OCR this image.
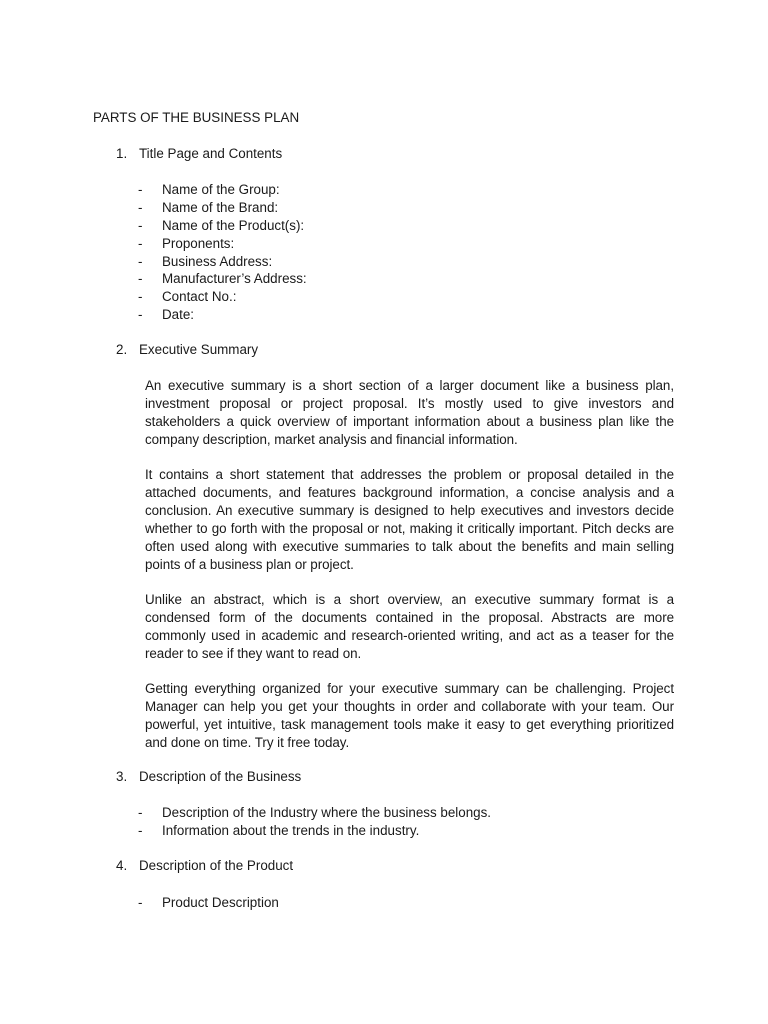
PARTS OF THE BUSINESS PLAN
1. Title Page and Contents
- Name of the Group:
- Name of the Brand:
- Name of the Product(s):
- Proponents:
- Business Address:
- Manufacturer’s Address:
- Contact No.:
- Date:
2. Executive Summary

An executive summary is a short section of a larger document like a business plan, investment proposal or project proposal. It’s mostly used to give investors and stakeholders a quick overview of important information about a business plan like the company description, market analysis and financial information.

It contains a short statement that addresses the problem or proposal detailed in the attached documents, and features background information, a concise analysis and a conclusion. An executive summary is designed to help executives and investors decide whether to go forth with the proposal or not, making it critically important. Pitch decks are often used along with executive summaries to talk about the benefits and main selling points of a business plan or project.

Unlike an abstract, which is a short overview, an executive summary format is a condensed form of the documents contained in the proposal. Abstracts are more commonly used in academic and research-oriented writing, and act as a teaser for the reader to see if they want to read on.

Getting everything organized for your executive summary can be challenging. Project Manager can help you get your thoughts in order and collaborate with your team. Our powerful, yet intuitive, task management tools make it easy to get everything prioritized and done on time. Try it free today.

3. Description of the Business
- Description of the Industry where the business belongs.
- Information about the trends in the industry.
4. Description of the Product
- Product Description
